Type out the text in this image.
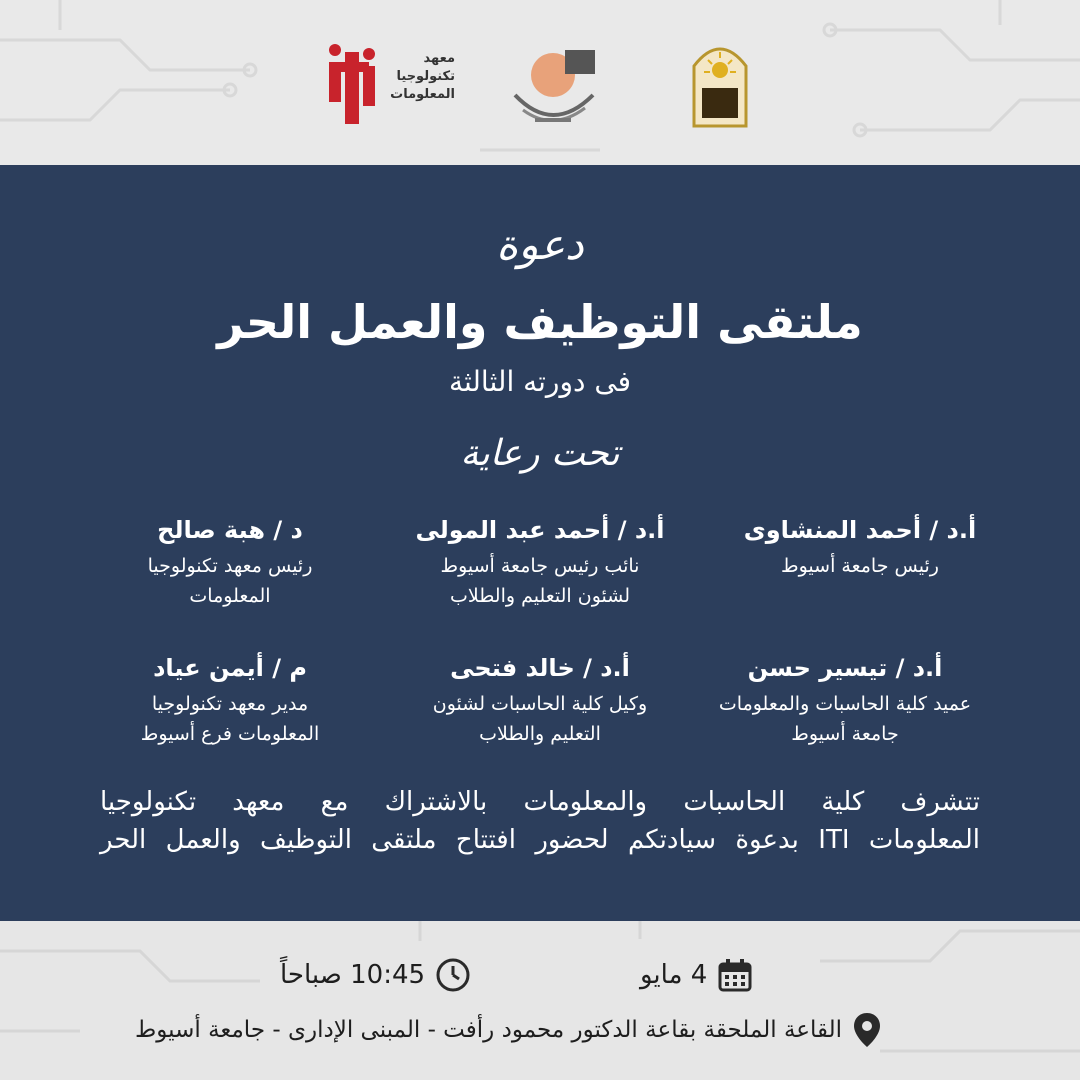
معهد
تكنولوجيا
المعلومات
دعوة
ملتقى التوظيف والعمل الحر
فى دورته الثالثة
تحت رعاية
أ.د / أحمد المنشاوى
رئيس جامعة أسيوط
أ.د / أحمد عبد المولى
نائب رئيس جامعة أسيوط لشئون التعليم والطلاب
د / هبة صالح
رئيس معهد تكنولوجيا المعلومات
أ.د / تيسير حسن
عميد كلية الحاسبات والمعلومات جامعة أسيوط
أ.د / خالد فتحى
وكيل كلية الحاسبات لشئون التعليم والطلاب
م / أيمن عياد
مدير معهد تكنولوجيا المعلومات فرع أسيوط
تتشرف كلية الحاسبات والمعلومات بالاشتراك مع معهد تكنولوجيا
المعلومات ITI بدعوة سيادتكم لحضور افتتاح ملتقى التوظيف والعمل الحر
4 مايو
10:45 صباحاً
القاعة الملحقة بقاعة الدكتور محمود رأفت - المبنى الإدارى - جامعة أسيوط
